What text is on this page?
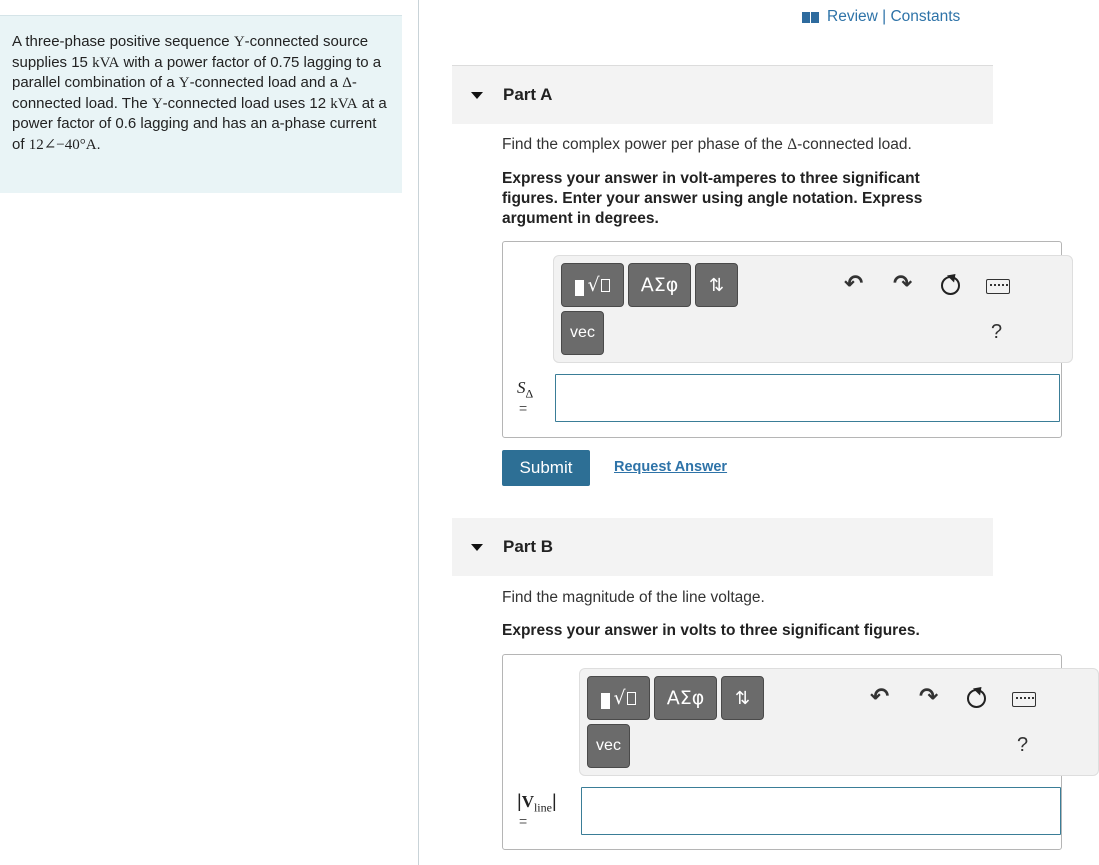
A three-phase positive sequence Y-connected source supplies 15 kVA with a power factor of 0.75 lagging to a parallel combination of a Y-connected load and a Δ-connected load. The Y-connected load uses 12 kVA at a power factor of 0.6 lagging and has an a-phase current of 12∠−40°A.
Review | Constants
Part A
Find the complex power per phase of the Δ-connected load.
Express your answer in volt-amperes to three significant figures. Enter your answer using angle notation. Express argument in degrees.
√	ΑΣφ	⇅
vec
↶ ↷
?
$S_\Delta$
=
Submit	Request Answer
Part B
Find the magnitude of the line voltage.
Express your answer in volts to three significant figures.
√	ΑΣφ	⇅
vec
↶ ↷
?
$|V_{line}|$
=
